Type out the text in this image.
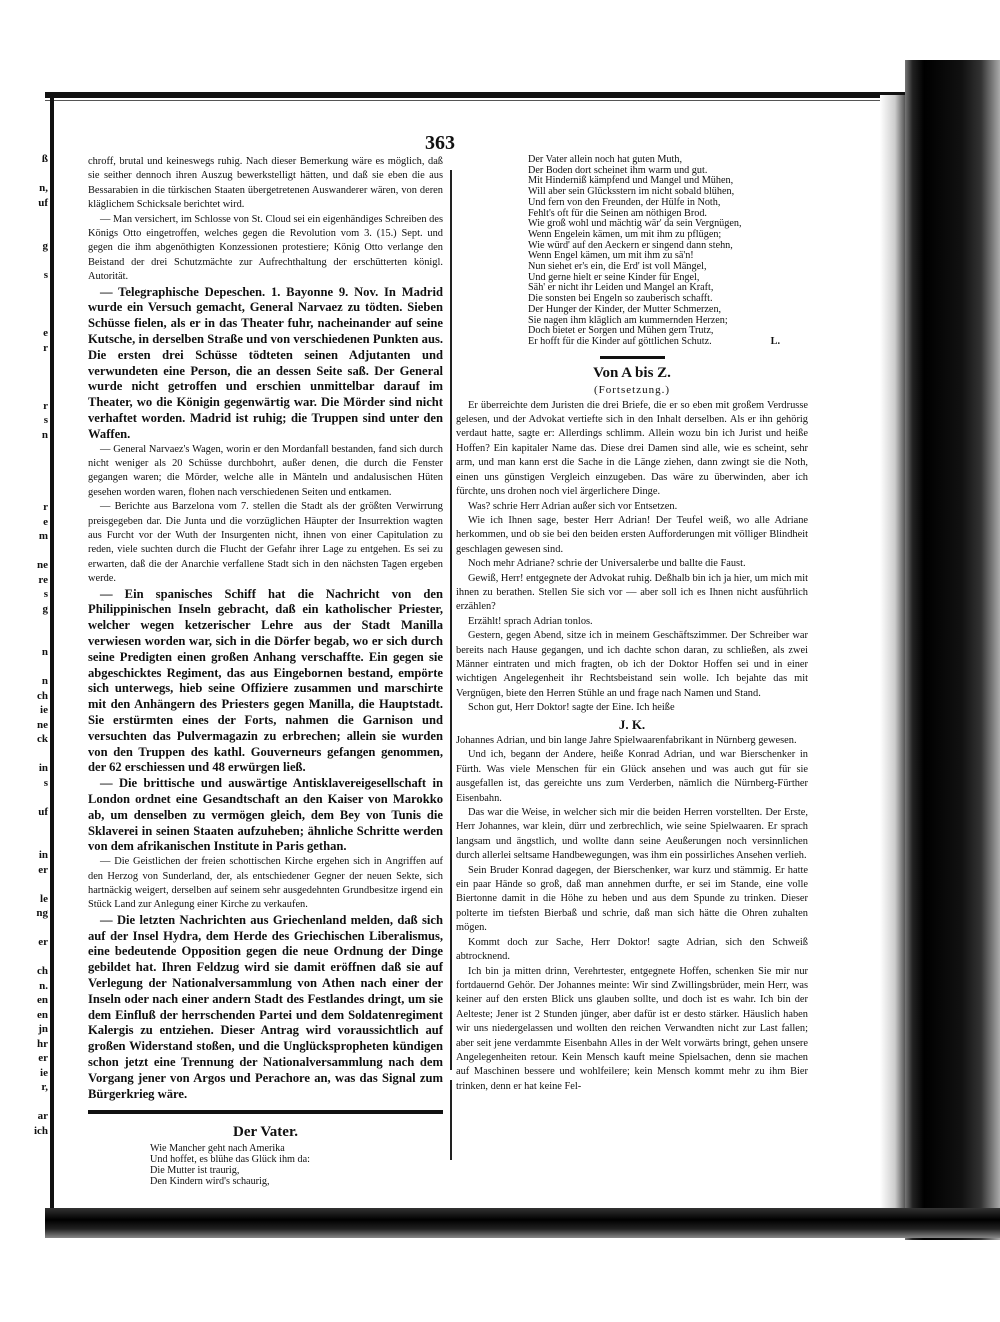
ß
n,
uf
g
s
e
r
r
s
n
r
e
m
ne
re
s
g
n
n
ch
ie
ne
ck
in
s
uf
in
er
le
ng
er
ch
n.
en
en
jn
hr
er
ie
r,
ar
ich
363

chroff, brutal und keineswegs ruhig. Nach dieser Bemerkung wäre es möglich, daß sie seither dennoch ihren Auszug bewerkstelligt hätten, und daß sie eben die aus Bessarabien in die türkischen Staaten übergetretenen Auswanderer wären, von deren kläglichem Schicksale berichtet wird.

— Man versichert, im Schlosse von St. Cloud sei ein eigenhändiges Schreiben des Königs Otto eingetroffen, welches gegen die Revolution vom 3. (15.) Sept. und gegen die ihm abgenöthigten Konzessionen protestiere; König Otto verlange den Beistand der drei Schutzmächte zur Aufrechthaltung der erschütterten königl. Autorität.

— Telegraphische Depeschen. 1. Bayonne 9. Nov. In Madrid wurde ein Versuch gemacht, General Narvaez zu tödten. Sieben Schüsse fielen, als er in das Theater fuhr, nacheinander auf seine Kutsche, in derselben Straße und von verschiedenen Punkten aus. Die ersten drei Schüsse tödteten seinen Adjutanten und verwundeten eine Person, die an dessen Seite saß. Der General wurde nicht getroffen und erschien unmittelbar darauf im Theater, wo die Königin gegenwärtig war. Die Mörder sind nicht verhaftet worden. Madrid ist ruhig; die Truppen sind unter den Waffen.

— General Narvaez's Wagen, worin er den Mordanfall bestanden, fand sich durch nicht weniger als 20 Schüsse durchbohrt, außer denen, die durch die Fenster gegangen waren; die Mörder, welche alle in Mänteln und andalusischen Hüten gesehen worden waren, flohen nach verschiedenen Seiten und entkamen.

— Berichte aus Barzelona vom 7. stellen die Stadt als der größten Verwirrung preisgegeben dar. Die Junta und die vorzüglichen Häupter der Insurrektion wagten aus Furcht vor der Wuth der Insurgenten nicht, ihnen von einer Capitulation zu reden, viele suchten durch die Flucht der Gefahr ihrer Lage zu entgehen. Es sei zu erwarten, daß die der Anarchie verfallene Stadt sich in den nächsten Tagen ergeben werde.

— Ein spanisches Schiff hat die Nachricht von den Philippinischen Inseln gebracht, daß ein katholischer Priester, welcher wegen ketzerischer Lehre aus der Stadt Manilla verwiesen worden war, sich in die Dörfer begab, wo er sich durch seine Predigten einen großen Anhang verschaffte. Ein gegen sie abgeschicktes Regiment, das aus Eingebornen bestand, empörte sich unterwegs, hieb seine Offiziere zusammen und marschirte mit den Anhängern des Priesters gegen Manilla, die Hauptstadt. Sie erstürmten eines der Forts, nahmen die Garnison und versuchten das Pulvermagazin zu erbrechen; allein sie wurden von den Truppen des kathl. Gouverneurs gefangen genommen, der 62 erschiessen und 48 erwürgen ließ.

— Die brittische und auswärtige Antisklavereigesellschaft in London ordnet eine Gesandtschaft an den Kaiser von Marokko ab, um denselben zu vermögen gleich, dem Bey von Tunis die Sklaverei in seinen Staaten aufzuheben; ähnliche Schritte werden von dem afrikanischen Institute in Paris gethan.

— Die Geistlichen der freien schottischen Kirche ergehen sich in Angriffen auf den Herzog von Sunderland, der, als entschiedener Gegner der neuen Sekte, sich hartnäckig weigert, derselben auf seinem sehr ausgedehnten Grundbesitze irgend ein Stück Land zur Anlegung einer Kirche zu verkaufen.

— Die letzten Nachrichten aus Griechenland melden, daß sich auf der Insel Hydra, dem Herde des Griechischen Liberalismus, eine bedeutende Opposition gegen die neue Ordnung der Dinge gebildet hat. Ihren Feldzug wird sie damit eröffnen daß sie auf Verlegung der Nationalversammlung von Athen nach einer der Inseln oder nach einer andern Stadt des Festlandes dringt, um sie dem Einfluß der herrschenden Partei und dem Soldatenregiment Kalergis zu entziehen. Dieser Antrag wird voraussichtlich auf großen Widerstand stoßen, und die Unglückspropheten kündigen schon jetzt eine Trennung der Nationalversammlung nach dem Vorgang jener von Argos und Perachore an, was das Signal zum Bürgerkrieg wäre.

Der Vater.
Wie Mancher geht nach Amerika
Und hoffet, es blühe das Glück ihm da:
Die Mutter ist traurig,
Den Kindern wird's schaurig,
Der Vater allein noch hat guten Muth,
Der Boden dort scheinet ihm warm und gut.
Mit Hinderniß kämpfend und Mangel und Mühen,
Will aber sein Glücksstern im nicht sobald blühen,
Und fern von den Freunden, der Hülfe in Noth,
Fehlt's oft für die Seinen am nöthigen Brod.
Wie groß wohl und mächtig wär' da sein Vergnügen,
Wenn Engelein kämen, um mit ihm zu pflügen;
Wie würd' auf den Aeckern er singend dann stehn,
Wenn Engel kämen, um mit ihm zu sä'n!
Nun siehet er's ein, die Erd' ist voll Mängel,
Und gerne hielt er seine Kinder für Engel,
Säh' er nicht ihr Leiden und Mangel an Kraft,
Die sonsten bei Engeln so zauberisch schafft.
Der Hunger der Kinder, der Mutter Schmerzen,
Sie nagen ihm kläglich am kummernden Herzen;
Doch bietet er Sorgen und Mühen gern Trutz,
Er hofft für die Kinder auf göttlichen Schutz.	L.
Von A bis Z.
(Fortsetzung.)

Er überreichte dem Juristen die drei Briefe, die er so eben mit großem Verdrusse gelesen, und der Advokat vertiefte sich in den Inhalt derselben. Als er ihn gehörig verdaut hatte, sagte er: Allerdings schlimm. Allein wozu bin ich Jurist und heiße Hoffen? Ein kapitaler Name das. Diese drei Damen sind alle, wie es scheint, sehr arm, und man kann erst die Sache in die Länge ziehen, dann zwingt sie die Noth, einen uns günstigen Vergleich einzugeben. Das wäre zu überwinden, aber ich fürchte, uns drohen noch viel ärgerlichere Dinge.

Was? schrie Herr Adrian außer sich vor Entsetzen.

Wie ich Ihnen sage, bester Herr Adrian! Der Teufel weiß, wo alle Adriane herkommen, und ob sie bei den beiden ersten Aufforderungen mit völliger Blindheit geschlagen gewesen sind.

Noch mehr Adriane? schrie der Universalerbe und ballte die Faust.

Gewiß, Herr! entgegnete der Advokat ruhig. Deßhalb bin ich ja hier, um mich mit ihnen zu berathen. Stellen Sie sich vor — aber soll ich es Ihnen nicht ausführlich erzählen?

Erzählt! sprach Adrian tonlos.

Gestern, gegen Abend, sitze ich in meinem Geschäftszimmer. Der Schreiber war bereits nach Hause gegangen, und ich dachte schon daran, zu schließen, als zwei Männer eintraten und mich fragten, ob ich der Doktor Hoffen sei und in einer wichtigen Angelegenheit ihr Rechtsbeistand sein wolle. Ich bejahte das mit Vergnügen, biete den Herren Stühle an und frage nach Namen und Stand.

Schon gut, Herr Doktor! sagte der Eine. Ich heiße

J. K.

Johannes Adrian, und bin lange Jahre Spielwaarenfabrikant in Nürnberg gewesen.

Und ich, begann der Andere, heiße Konrad Adrian, und war Bierschenker in Fürth. Was viele Menschen für ein Glück ansehen und was auch gut für sie ausgefallen ist, das gereichte uns zum Verderben, nämlich die Nürnberg-Fürther Eisenbahn.

Das war die Weise, in welcher sich mir die beiden Herren vorstellten. Der Erste, Herr Johannes, war klein, dürr und zerbrechlich, wie seine Spielwaaren. Er sprach langsam und ängstlich, und wollte dann seine Aeußerungen noch versinnlichen durch allerlei seltsame Handbewegungen, was ihm ein possirliches Ansehen verlieh.

Sein Bruder Konrad dagegen, der Bierschenker, war kurz und stämmig. Er hatte ein paar Hände so groß, daß man annehmen durfte, er sei im Stande, eine volle Biertonne damit in die Höhe zu heben und aus dem Spunde zu trinken. Dieser polterte im tiefsten Bierbaß und schrie, daß man sich hätte die Ohren zuhalten mögen.

Kommt doch zur Sache, Herr Doktor! sagte Adrian, sich den Schweiß abtrocknend.

Ich bin ja mitten drinn, Verehrtester, entgegnete Hoffen, schenken Sie mir nur fortdauernd Gehör. Der Johannes meinte: Wir sind Zwillingsbrüder, mein Herr, was keiner auf den ersten Blick uns glauben sollte, und doch ist es wahr. Ich bin der Aelteste; Jener ist 2 Stunden jünger, aber dafür ist er desto stärker. Häuslich haben wir uns niedergelassen und wollten den reichen Verwandten nicht zur Last fallen; aber seit jene verdammte Eisenbahn Alles in der Welt vorwärts bringt, gehen unsere Angelegenheiten retour. Kein Mensch kauft meine Spielsachen, denn sie machen auf Maschinen bessere und wohlfeilere; kein Mensch kommt mehr zu ihm Bier trinken, denn er hat keine Fel-
